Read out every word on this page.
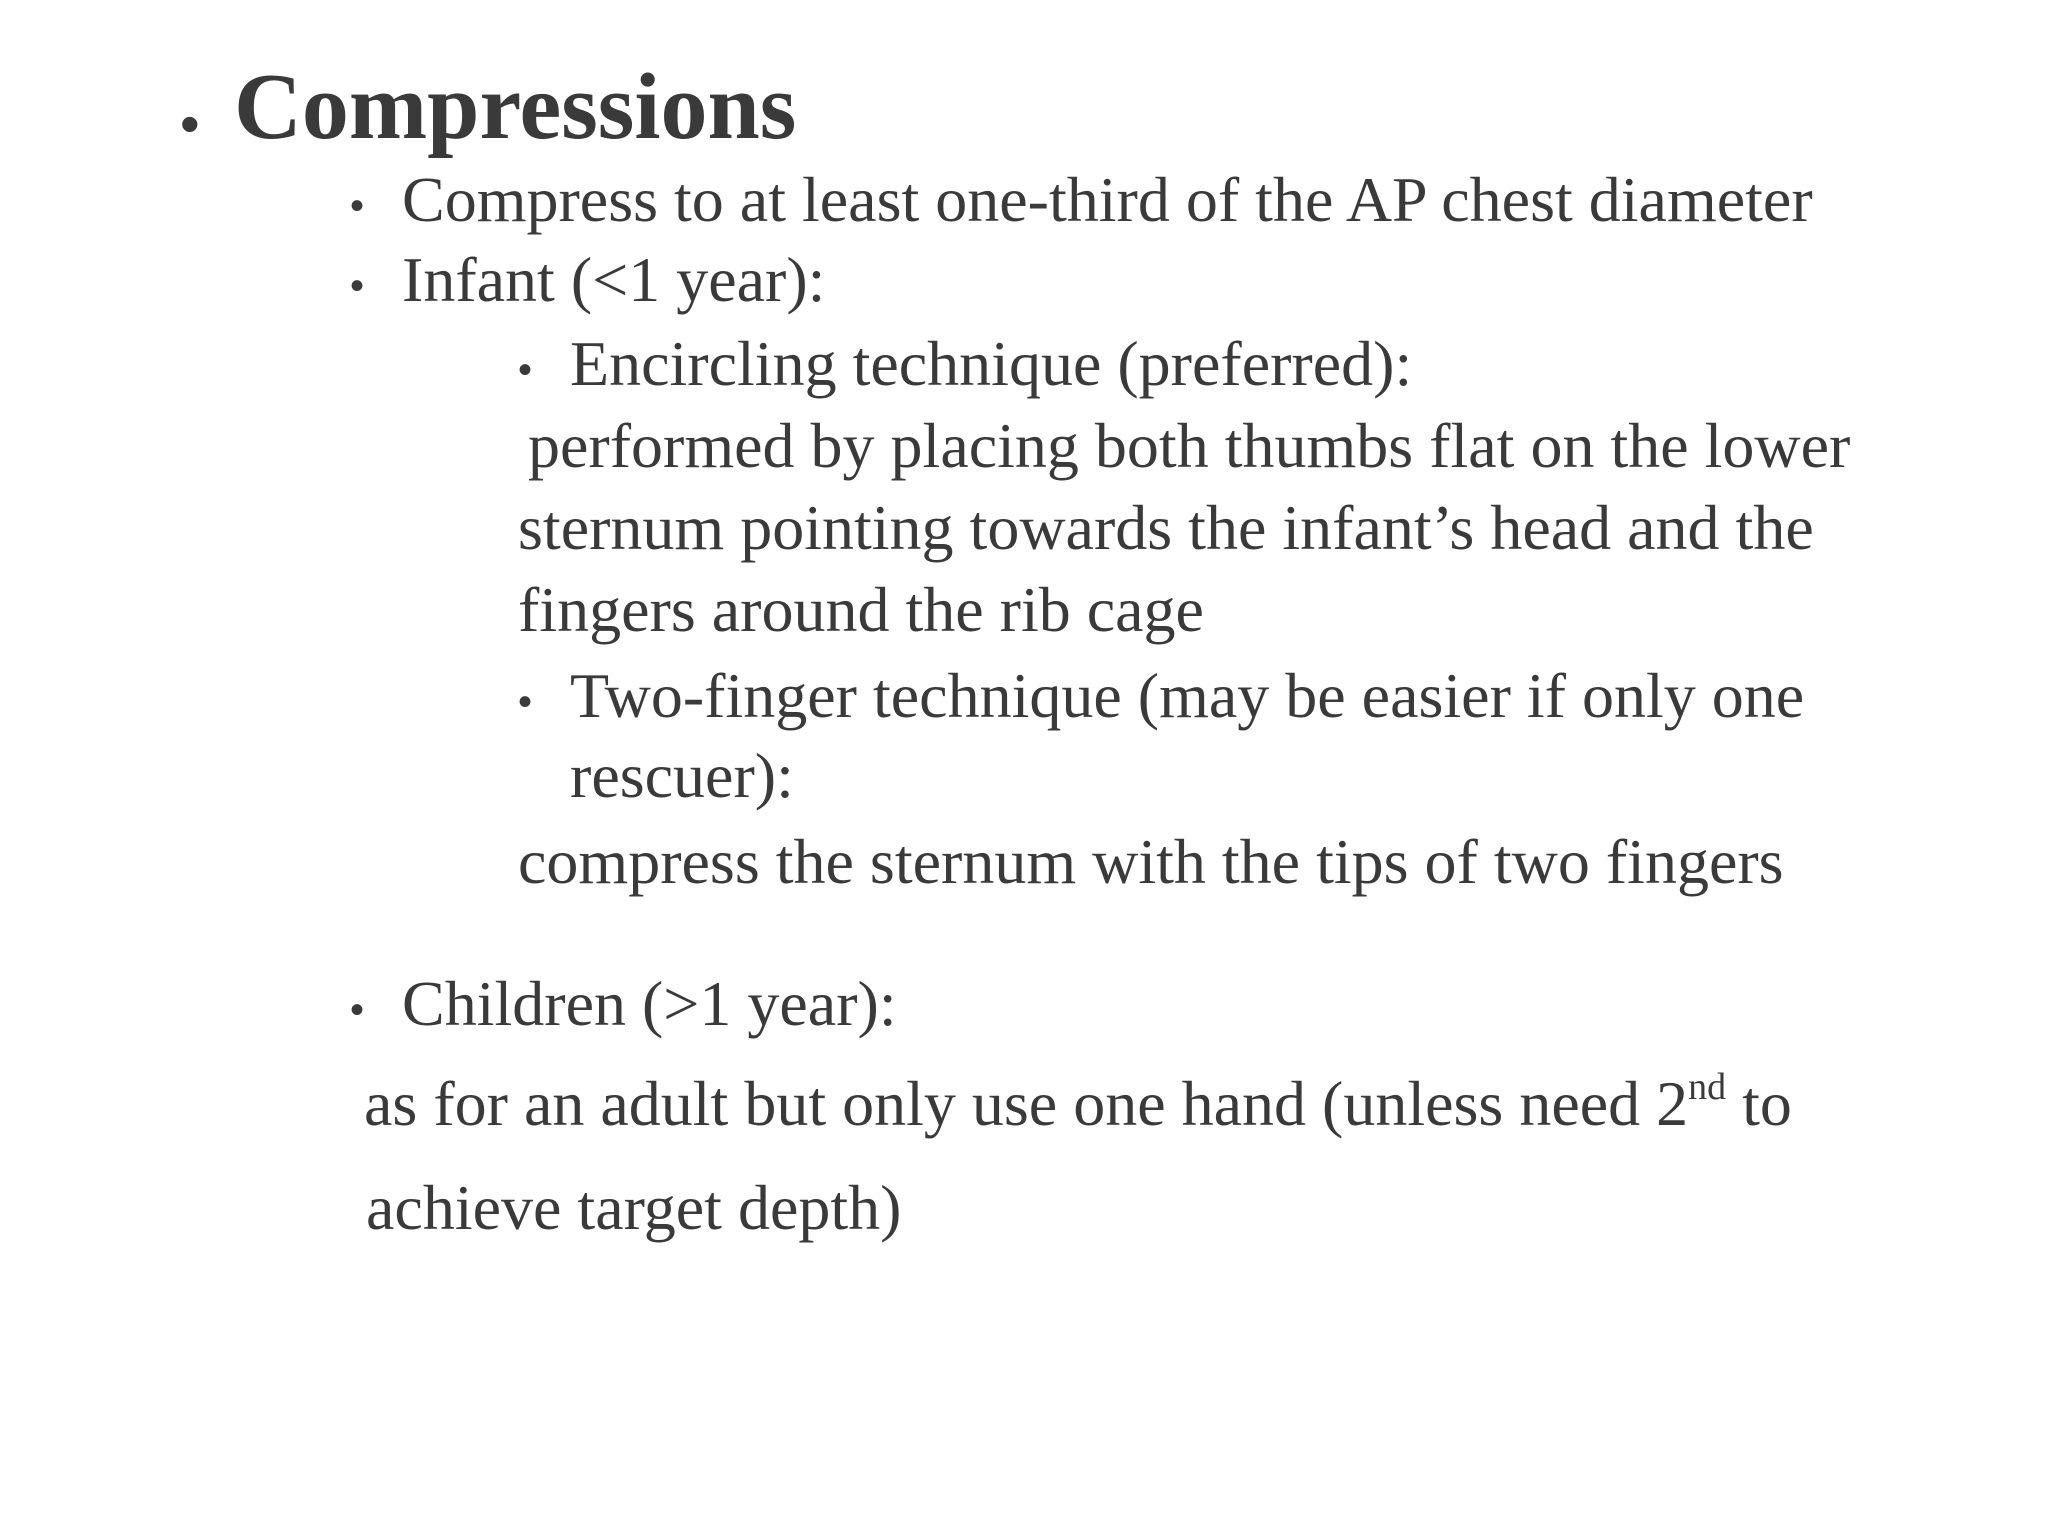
• Compressions
• Compress to at least one-third of the AP chest diameter
• Infant (<1 year):
• Encircling technique (preferred):
performed by placing both thumbs flat on the lower
sternum pointing towards the infant’s head and the
fingers around the rib cage
• Two-finger technique (may be easier if only one
rescuer):
compress the sternum with the tips of two fingers
• Children (>1 year):
as for an adult but only use one hand (unless need 2nd to
achieve target depth)
